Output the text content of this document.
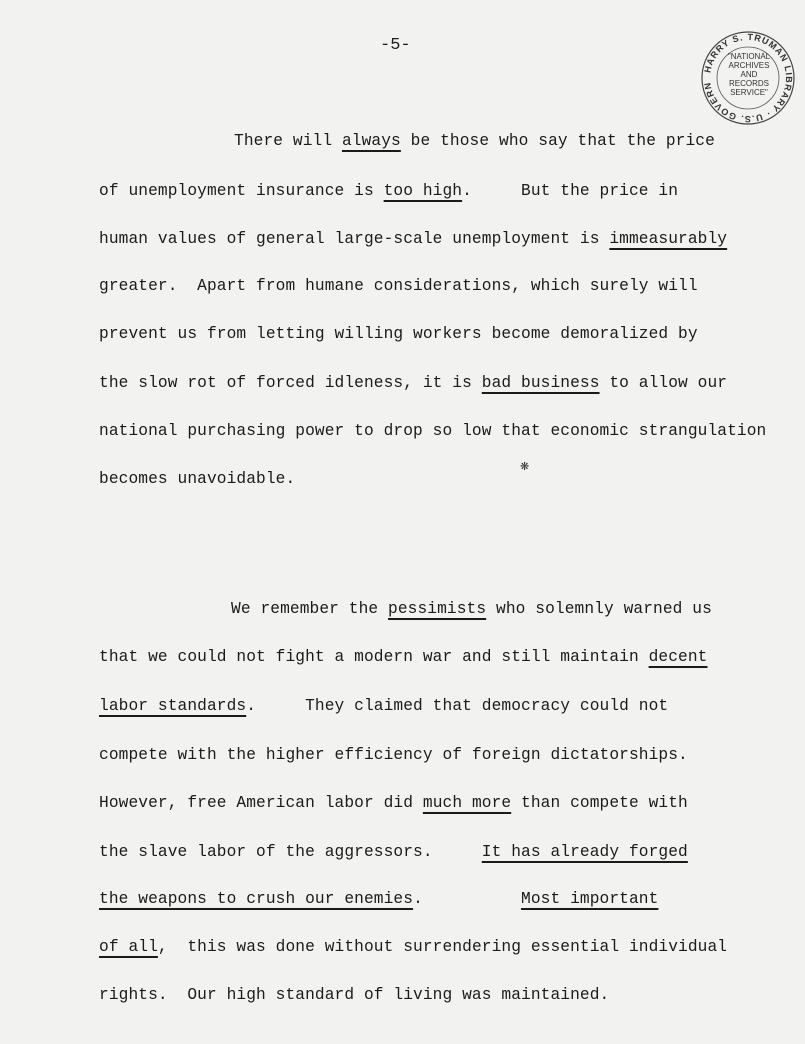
-5-
HARRY S. TRUMAN LIBRARY · U.S. GOVERN
"NATIONAL
ARCHIVES AND
RECORDS
SERVICE"
There will always be those who say that the price
of unemployment insurance is too high.     But the price in
human values of general large-scale unemployment is immeasurably
greater.  Apart from humane considerations, which surely will
prevent us from letting willing workers become demoralized by
the slow rot of forced idleness, it is bad business to allow our
national purchasing power to drop so low that economic strangulation
becomes unavoidable.
We remember the pessimists who solemnly warned us
that we could not fight a modern war and still maintain decent
labor standards.     They claimed that democracy could not
compete with the higher efficiency of foreign dictatorships.
However, free American labor did much more than compete with
the slave labor of the aggressors.     It has already forged
the weapons to crush our enemies.          Most important
of all,  this was done without surrendering essential individual
rights.  Our high standard of living was maintained.
❋
